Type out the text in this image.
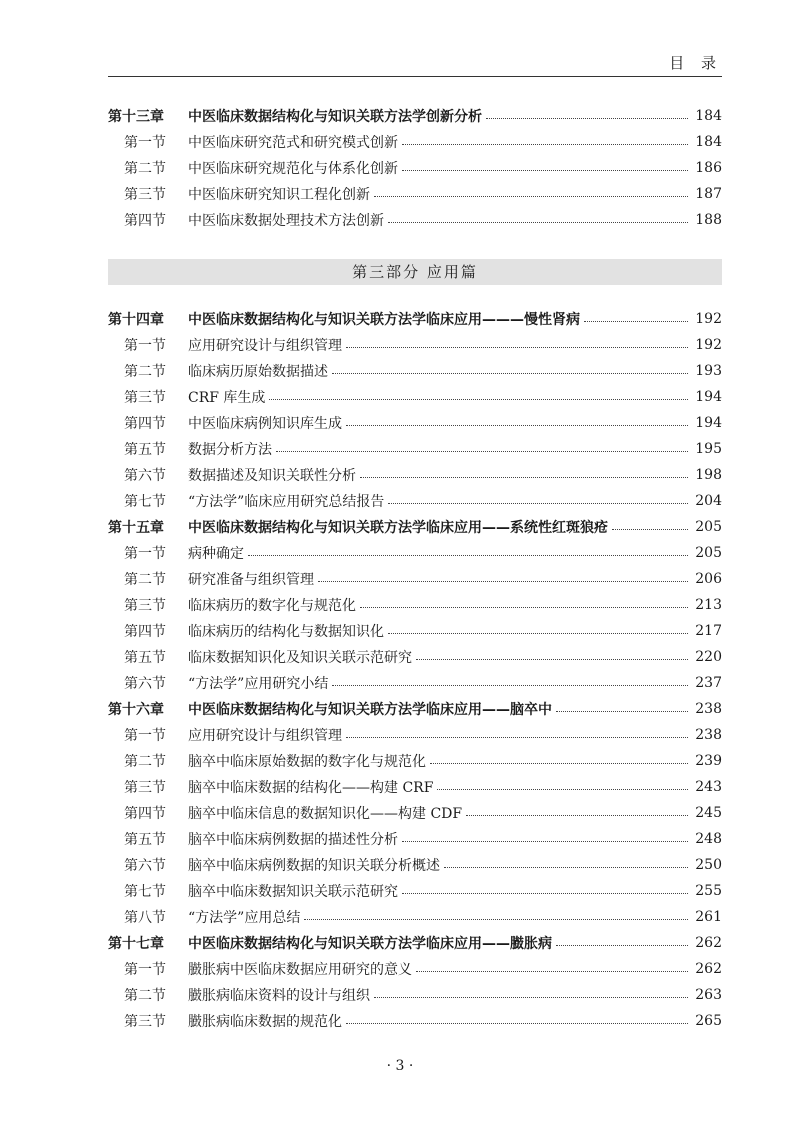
目 录
第十三章	中医临床数据结构化与知识关联方法学创新分析	184
第一节	中医临床研究范式和研究模式创新	184
第二节	中医临床研究规范化与体系化创新	186
第三节	中医临床研究知识工程化创新	187
第四节	中医临床数据处理技术方法创新	188
第三部分 应用篇
第十四章	中医临床数据结构化与知识关联方法学临床应用———慢性肾病	192
第一节	应用研究设计与组织管理	192
第二节	临床病历原始数据描述	193
第三节	CRF 库生成	194
第四节	中医临床病例知识库生成	194
第五节	数据分析方法	195
第六节	数据描述及知识关联性分析	198
第七节	“方法学”临床应用研究总结报告	204
第十五章	中医临床数据结构化与知识关联方法学临床应用——系统性红斑狼疮	205
第一节	病种确定	205
第二节	研究准备与组织管理	206
第三节	临床病历的数字化与规范化	213
第四节	临床病历的结构化与数据知识化	217
第五节	临床数据知识化及知识关联示范研究	220
第六节	“方法学”应用研究小结	237
第十六章	中医临床数据结构化与知识关联方法学临床应用——脑卒中	238
第一节	应用研究设计与组织管理	238
第二节	脑卒中临床原始数据的数字化与规范化	239
第三节	脑卒中临床数据的结构化——构建 CRF	243
第四节	脑卒中临床信息的数据知识化——构建 CDF	245
第五节	脑卒中临床病例数据的描述性分析	248
第六节	脑卒中临床病例数据的知识关联分析概述	250
第七节	脑卒中临床数据知识关联示范研究	255
第八节	“方法学”应用总结	261
第十七章	中医临床数据结构化与知识关联方法学临床应用——臌胀病	262
第一节	臌胀病中医临床数据应用研究的意义	262
第二节	臌胀病临床资料的设计与组织	263
第三节	臌胀病临床数据的规范化	265
· 3 ·
